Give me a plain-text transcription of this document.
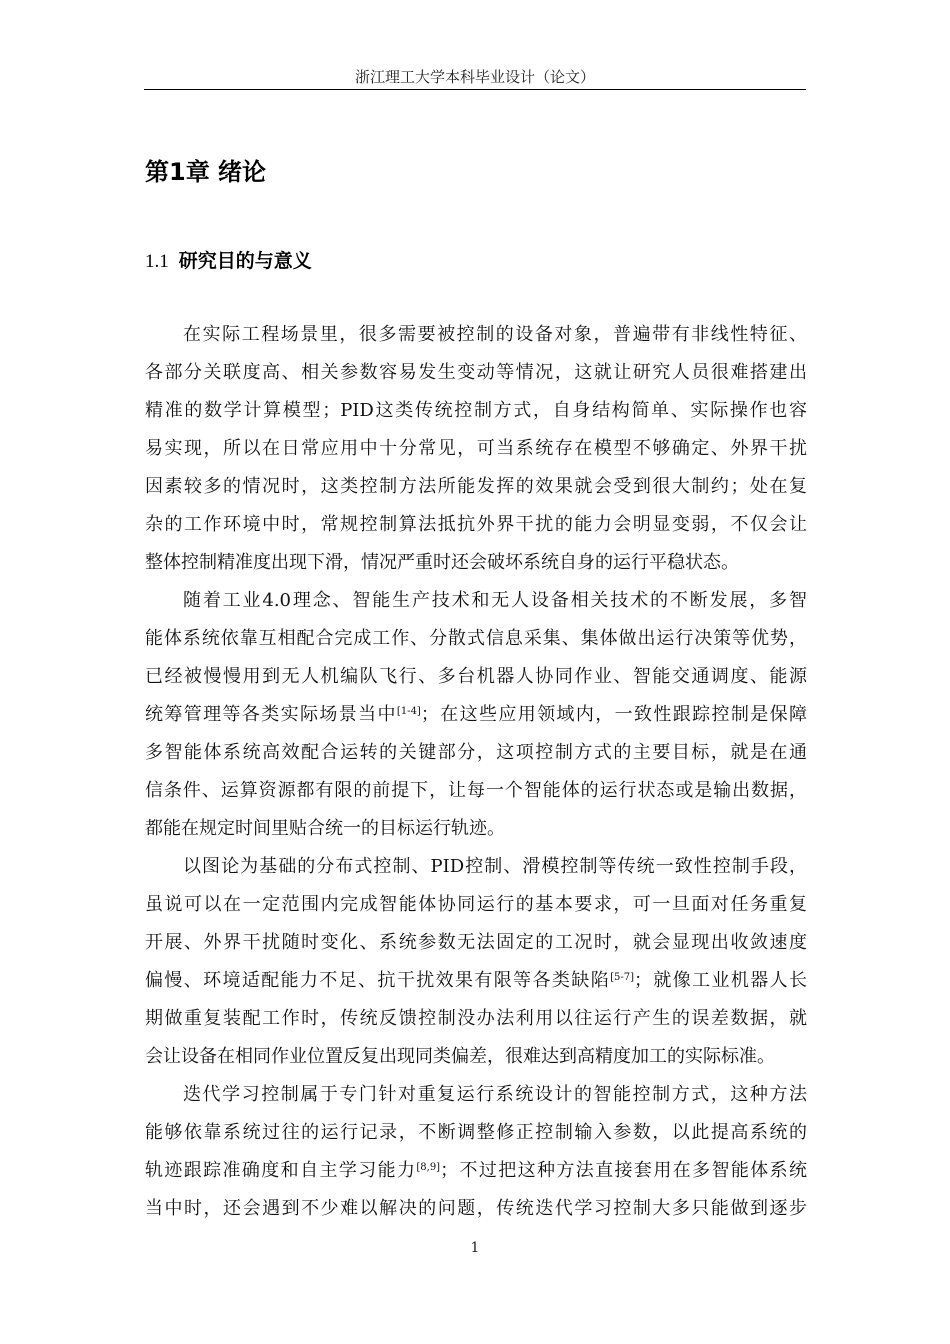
浙江理工大学本科毕业设计（论文）
第1章 绪论
1.1 研究目的与意义
在实际工程场景里，很多需要被控制的设备对象，普遍带有非线性特征、
各部分关联度高、相关参数容易发生变动等情况，这就让研究人员很难搭建出
精准的数学计算模型；PID这类传统控制方式，自身结构简单、实际操作也容
易实现，所以在日常应用中十分常见，可当系统存在模型不够确定、外界干扰
因素较多的情况时，这类控制方法所能发挥的效果就会受到很大制约；处在复
杂的工作环境中时，常规控制算法抵抗外界干扰的能力会明显变弱，不仅会让
整体控制精准度出现下滑，情况严重时还会破坏系统自身的运行平稳状态。
随着工业4.0理念、智能生产技术和无人设备相关技术的不断发展，多智
能体系统依靠互相配合完成工作、分散式信息采集、集体做出运行决策等优势，
已经被慢慢用到无人机编队飞行、多台机器人协同作业、智能交通调度、能源
统筹管理等各类实际场景当中[1-4]；在这些应用领域内，一致性跟踪控制是保障
多智能体系统高效配合运转的关键部分，这项控制方式的主要目标，就是在通
信条件、运算资源都有限的前提下，让每一个智能体的运行状态或是输出数据，
都能在规定时间里贴合统一的目标运行轨迹。
以图论为基础的分布式控制、PID控制、滑模控制等传统一致性控制手段，
虽说可以在一定范围内完成智能体协同运行的基本要求，可一旦面对任务重复
开展、外界干扰随时变化、系统参数无法固定的工况时，就会显现出收敛速度
偏慢、环境适配能力不足、抗干扰效果有限等各类缺陷[5-7]；就像工业机器人长
期做重复装配工作时，传统反馈控制没办法利用以往运行产生的误差数据，就
会让设备在相同作业位置反复出现同类偏差，很难达到高精度加工的实际标准。
迭代学习控制属于专门针对重复运行系统设计的智能控制方式，这种方法
能够依靠系统过往的运行记录，不断调整修正控制输入参数，以此提高系统的
轨迹跟踪准确度和自主学习能力[8,9]；不过把这种方法直接套用在多智能体系统
当中时，还会遇到不少难以解决的问题，传统迭代学习控制大多只能做到逐步
1
